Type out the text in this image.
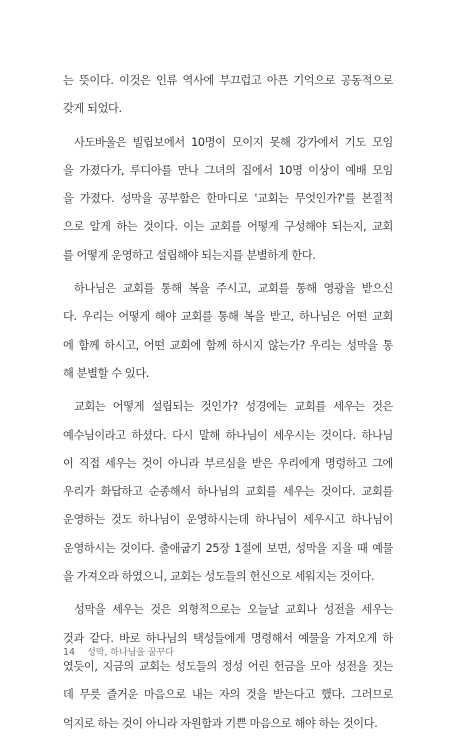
는 뜻이다. 이것은 인류 역사에 부끄럽고 아픈 기억으로 공동적으로
갖게 되었다.
사도바울은 빌립보에서 10명이 모이지 못해 강가에서 기도 모임
을 가졌다가, 루디아를 만나 그녀의 집에서 10명 이상이 예배 모임
을 가졌다. 성막을 공부함은 한마디로 '교회는 무엇인가?'를 본질적
으로 알게 하는 것이다. 이는 교회를 어떻게 구성해야 되는지, 교회
를 어떻게 운영하고 설립해야 되는지를 분별하게 한다.
하나님은 교회를 통해 복을 주시고, 교회를 통해 영광을 받으신
다. 우리는 어떻게 해야 교회를 통해 복을 받고, 하나님은 어떤 교회
에 함께 하시고, 어떤 교회에 함께 하시지 않는가? 우리는 성막을 통
해 분별할 수 있다.
교회는 어떻게 설립되는 것인가? 성경에는 교회를 세우는 것은
예수님이라고 하셨다. 다시 말해 하나님이 세우시는 것이다. 하나님
이 직접 세우는 것이 아니라 부르심을 받은 우리에게 명령하고 그에
우리가 화답하고 순종해서 하나님의 교회를 세우는 것이다. 교회를
운영하는 것도 하나님이 운영하시는데 하나님이 세우시고 하나님이
운영하시는 것이다. 출애굽기 25장 1절에 보면, 성막을 지을 때 예물
을 가져오라 하였으니, 교회는 성도들의 헌신으로 세워지는 것이다.
성막을 세우는 것은 외형적으로는 오늘날 교회나 성전을 세우는
것과 같다. 바로 하나님의 택성들에게 명령해서 예물을 가져오게 하
였듯이, 지금의 교회는 성도들의 정성 어린 헌금을 모아 성전을 짓는
데 무릇 즐거운 마음으로 내는 자의 것을 받는다고 했다. 그러므로
억지로 하는 것이 아니라 자원함과 기쁜 마음으로 해야 하는 것이다.
14 성막, 하나님을 꿈꾸다
